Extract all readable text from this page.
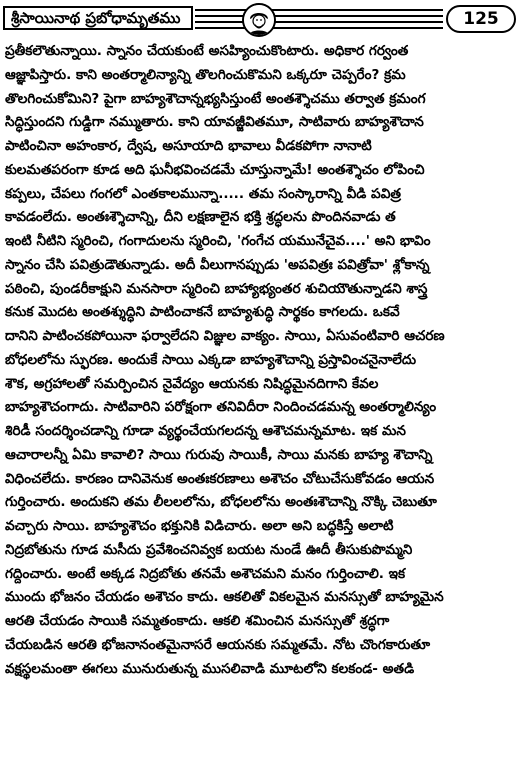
శ్రీసాయినాథ ప్రబోధామృతము	125
ప్రతీకలౌతున్నాయి. స్నానం చేయకుంటే అసహ్యించుకొంటారు. అధికార గర్వంత
ఆజ్ఞాపిస్తారు. కాని అంతర్మాలిన్యాన్ని తొలగించుకొమని ఒక్కరూ చెప్పరేం? క్రమ
తొలగించుకోమిని? పైగా బాహ్యశౌచాన్నభ్యసిస్తుంటే అంతశ్శౌచము తర్వాత క్రమంగ
సిద్ధిస్తుందని గుడ్డిగా నమ్ముతారు. కాని యావజ్జీవితమూ, సాటివారు బాహ్యశౌచాన
పాటించినా అహంకార, ద్వేష, అసూయాది భావాలు వీడకపోగా నానాటి
కులమతపరంగా కూడ అది ఘనీభవించడమే చూస్తున్నామే! అంతశ్శౌచం లోపించి
కప్పలు, చేపలు గంగలో ఎంతకాలమున్నా..... తమ సంస్కారాన్ని వీడి పవిత్ర
కావడంలేదు. అంతఃశ్శౌచాన్ని, దీని లక్షణాలైన భక్తి శ్రద్ధలను పొందినవాడు త
ఇంటి నీటిని స్మరించి, గంగాదులను స్మరించి, 'గంగేచ యమునేచైవ....' అని భావిం
స్నానం చేసి పవిత్రుడౌతున్నాడు. అదీ వీలుగానప్పుడు 'అపవిత్రః పవిత్రోవా' శ్లోకాన్న
పఠించి, పుండరీకాక్షుని మనసారా స్మరించి బాహ్యాభ్యంతర శుచియౌతున్నాడని శాస్త్ర
కనుక మొదట అంతశ్శుద్ధిని పాటించాకనే బాహ్యశుద్ధి సార్థకం కాగలదు. ఒకవే
దానిని పాటించకపోయినా ఫర్వాలేదని విజ్ఞుల వాక్యం. సాయి, ఏసువంటివారి ఆచరణ
బోధలలోను స్ఫురణ. అందుకే సాయి ఎక్కడా బాహ్యశౌచాన్ని ప్రస్తావించనైనాలేదు
శౌక, అగ్రహాలతో సమర్పించిన నైవేద్యం ఆయనకు నిషిద్ధమైనదిగాని కేవల
బాహ్యశౌచంగాదు. సాటివారిని పరోక్షంగా తనివిదీరా నిందించడమన్న అంతర్మాలిన్యం
శిరిడీ సందర్శించడాన్ని గూడా వ్యర్థంచేయగలదన్న ఆశౌచమన్నమాట. ఇక మన
ఆచారాలన్నీ ఏమి కావాలి? సాయి గురువు సాయికీ, సాయి మనకు బాహ్య శౌచాన్ని
విధించలేదు. కారణం దానివెనుక అంతఃకరణాలు అశౌచం చోటుచేసుకోవడం ఆయన
గుర్తించారు. అందుకని తమ లీలలలోను, బోధలలోను అంతఃశౌచాన్ని నొక్కి చెబుతూ
వచ్చారు సాయి. బాహ్యశౌచం భక్తునికి విడిచారు. అలా అని బద్ధకిస్తే అలాటి
నిద్రబోతును గూడ మసీదు ప్రవేశించనివ్వక బయట నుండే ఊదీ తీసుకుపొమ్మని
గద్దించారు. అంటే అక్కడ నిద్రబోతు తనమే అశౌచమని మనం గుర్తించాలి. ఇక
ముందు భోజనం చేయడం అశౌచం కాదు. ఆకలితో వికలమైన మనస్సుతో బాహ్యమైన
ఆరతి చేయడం సాయికి సమ్మతంకాదు. ఆకలి శమించిన మనస్సుతో శ్రద్ధగా
చేయబడిన ఆరతి భోజనానంతమైనాసరే ఆయనకు సమ్మతమే. నోట చొంగకారుతూ
వక్షస్థలమంతా ఈగలు మునురుతున్న ముసలివాడి మూటలోని కలకండ- అతడి
